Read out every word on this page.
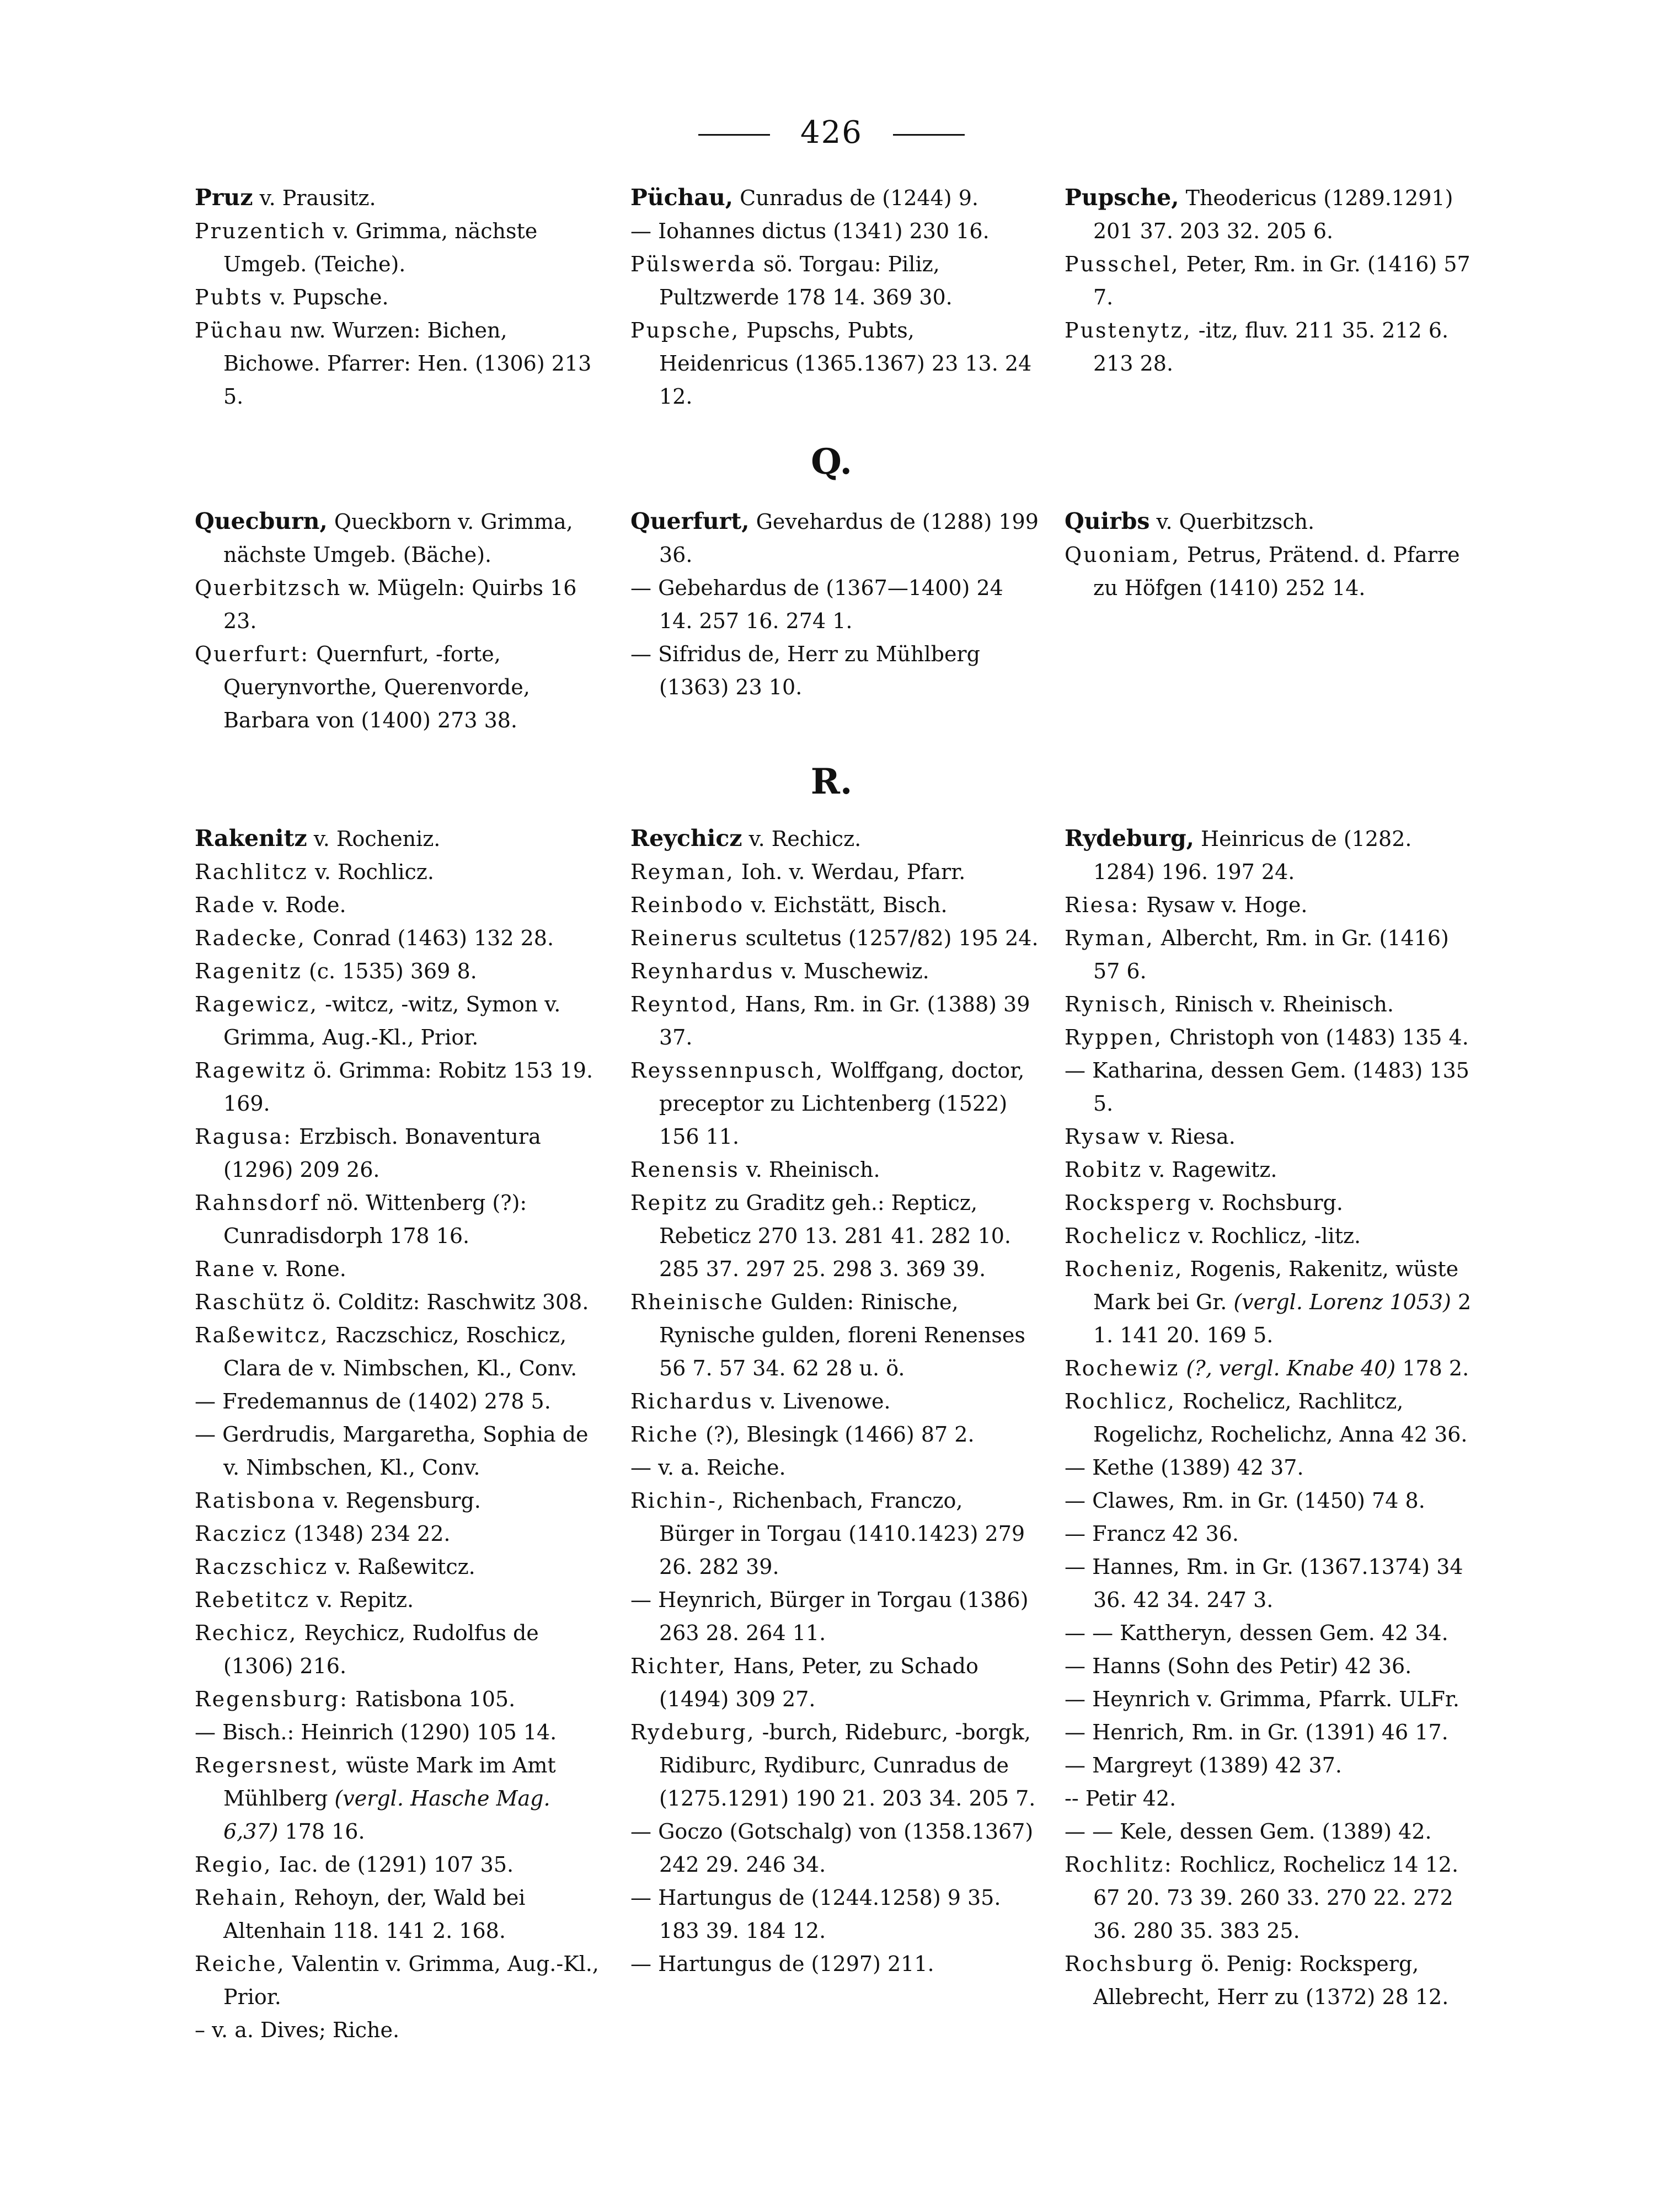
426
Pruz v. Prausitz.
Pruzentich v. Grimma, nächste Umgeb. (Teiche).
Pubts v. Pupsche.
Püchau nw. Wurzen: Bichen, Bichowe. Pfarrer: Hen. (1306) 213 5.
Püchau, Cunradus de (1244) 9.
— Iohannes dictus (1341) 230 16.
Pülswerda sö. Torgau: Piliz, Pultzwerde 178 14. 369 30.
Pupsche, Pupschs, Pubts, Heidenricus (1365.1367) 23 13. 24 12.
Pupsche, Theodericus (1289.1291) 201 37. 203 32. 205 6.
Pusschel, Peter, Rm. in Gr. (1416) 57 7.
Pustenytz, -itz, fluv. 211 35. 212 6. 213 28.
Q.
Quecburn, Queckborn v. Grimma, nächste Umgeb. (Bäche).
Querbitzsch w. Mügeln: Quirbs 16 23.
Querfurt: Quernfurt, -forte, Querynvorthe, Querenvorde, Barbara von (1400) 273 38.
Querfurt, Gevehardus de (1288) 199 36.
— Gebehardus de (1367—1400) 24 14. 257 16. 274 1.
— Sifridus de, Herr zu Mühlberg (1363) 23 10.
Quirbs v. Querbitzsch.
Quoniam, Petrus, Prätend. d. Pfarre zu Höfgen (1410) 252 14.
R.
Rakenitz v. Rocheniz.
Rachlitcz v. Rochlicz.
Rade v. Rode.
Radecke, Conrad (1463) 132 28.
Ragenitz (c. 1535) 369 8.
Ragewicz, -witcz, -witz, Symon v. Grimma, Aug.-Kl., Prior.
Ragewitz ö. Grimma: Robitz 153 19. 169.
Ragusa: Erzbisch. Bonaventura (1296) 209 26.
Rahnsdorf nö. Wittenberg (?): Cunradisdorph 178 16.
Rane v. Rone.
Raschütz ö. Colditz: Raschwitz 308.
Raßewitcz, Raczschicz, Roschicz, Clara de v. Nimbschen, Kl., Conv.
— Fredemannus de (1402) 278 5.
— Gerdrudis, Margaretha, Sophia de v. Nimbschen, Kl., Conv.
Ratisbona v. Regensburg.
Raczicz (1348) 234 22.
Raczschicz v. Raßewitcz.
Rebetitcz v. Repitz.
Rechicz, Reychicz, Rudolfus de (1306) 216.
Regensburg: Ratisbona 105.
— Bisch.: Heinrich (1290) 105 14.
Regersnest, wüste Mark im Amt Mühlberg (vergl. Hasche Mag. 6,37) 178 16.
Regio, Iac. de (1291) 107 35.
Rehain, Rehoyn, der, Wald bei Altenhain 118. 141 2. 168.
Reiche, Valentin v. Grimma, Aug.-Kl., Prior.
– v. a. Dives; Riche.
Reychicz v. Rechicz.
Reyman, Ioh. v. Werdau, Pfarr.
Reinbodo v. Eichstätt, Bisch.
Reinerus scultetus (1257/82) 195 24.
Reynhardus v. Muschewiz.
Reyntod, Hans, Rm. in Gr. (1388) 39 37.
Reyssennpusch, Wolffgang, doctor, preceptor zu Lichtenberg (1522) 156 11.
Renensis v. Rheinisch.
Repitz zu Graditz geh.: Repticz, Rebeticz 270 13. 281 41. 282 10. 285 37. 297 25. 298 3. 369 39.
Rheinische Gulden: Rinische, Rynische gulden, floreni Renenses 56 7. 57 34. 62 28 u. ö.
Richardus v. Livenowe.
Riche (?), Blesingk (1466) 87 2.
— v. a. Reiche.
Richin-, Richenbach, Franczo, Bürger in Torgau (1410.1423) 279 26. 282 39.
— Heynrich, Bürger in Torgau (1386) 263 28. 264 11.
Richter, Hans, Peter, zu Schado (1494) 309 27.
Rydeburg, -burch, Rideburc, -borgk, Ridiburc, Rydiburc, Cunradus de (1275.1291) 190 21. 203 34. 205 7.
— Goczo (Gotschalg) von (1358.1367) 242 29. 246 34.
— Hartungus de (1244.1258) 9 35. 183 39. 184 12.
— Hartungus de (1297) 211.
Rydeburg, Heinricus de (1282. 1284) 196. 197 24.
Riesa: Rysaw v. Hoge.
Ryman, Albercht, Rm. in Gr. (1416) 57 6.
Rynisch, Rinisch v. Rheinisch.
Ryppen, Christoph von (1483) 135 4.
— Katharina, dessen Gem. (1483) 135 5.
Rysaw v. Riesa.
Robitz v. Ragewitz.
Rocksperg v. Rochsburg.
Rochelicz v. Rochlicz, -litz.
Rocheniz, Rogenis, Rakenitz, wüste Mark bei Gr. (vergl. Lorenz 1053) 2 1. 141 20. 169 5.
Rochewiz (?, vergl. Knabe 40) 178 2.
Rochlicz, Rochelicz, Rachlitcz, Rogelichz, Rochelichz, Anna 42 36.
— Kethe (1389) 42 37.
— Clawes, Rm. in Gr. (1450) 74 8.
— Francz 42 36.
— Hannes, Rm. in Gr. (1367.1374) 34 36. 42 34. 247 3.
— — Kattheryn, dessen Gem. 42 34.
— Hanns (Sohn des Petir) 42 36.
— Heynrich v. Grimma, Pfarrk. ULFr.
— Henrich, Rm. in Gr. (1391) 46 17.
— Margreyt (1389) 42 37.
-- Petir 42.
— — Kele, dessen Gem. (1389) 42.
Rochlitz: Rochlicz, Rochelicz 14 12. 67 20. 73 39. 260 33. 270 22. 272 36. 280 35. 383 25.
Rochsburg ö. Penig: Rocksperg, Allebrecht, Herr zu (1372) 28 12.
